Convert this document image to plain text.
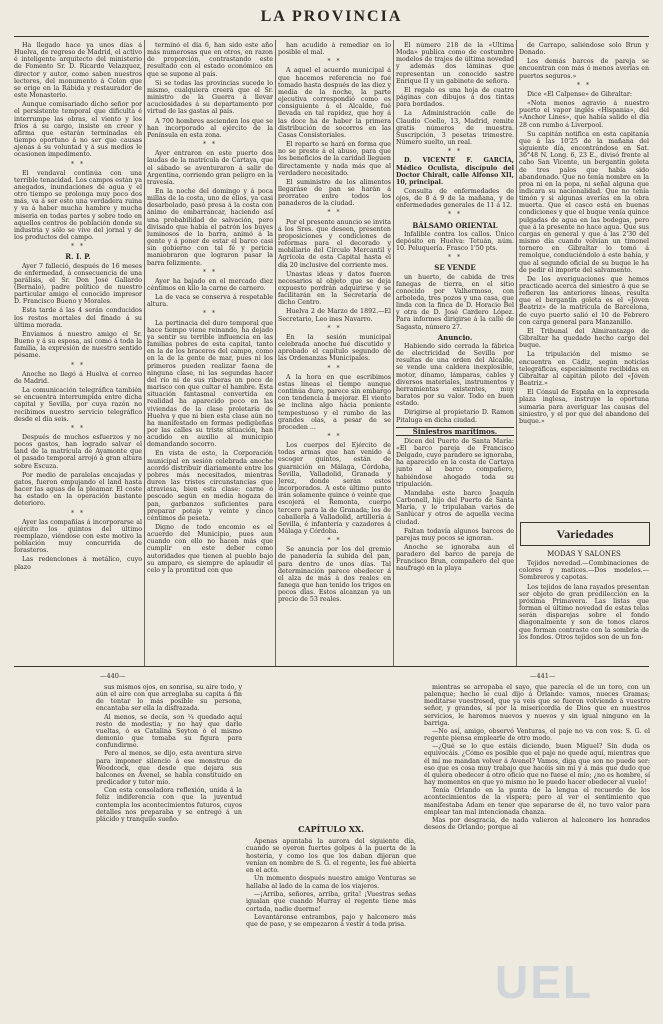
LA PROVINCIA

Ha llegado hace ya unos días á Huelva, de regreso de Madrid, el activo é inteligente arquitecto del ministerio de Fomento Sr. D. Ricardo Velazquez, director y autor, como saben nuestros lectores, del monumento á Colon que se erige en la Rábida y restaurador de este Monasterio.

Aunque comisariado dicho señor por el persistente temporal que dificulta é interrumpe las obras, el viento y los frios á su cargo, insiste en creer y afirma que estarán terminadas en tiempo oportuno á no ser que causas ajenas á su voluntad y á sus medios le ocasionen impedimento.

* *

El vendaval continúa con una terrible tenacidad. Los campos están ya anegados, inundaciones de agua y el otro tiempo se prolonga muy poco dos más, va á ser esto una verdadera ruina y va á haber mucha hambre y mucha miseria en todas partes y sobre todo en aquellos centros de población donde su industria y sólo se vive del jornal y de los productos del campo.

* *
R. I. P.

Ayer 7 falleció, después de 16 meses de enfermedad, á consecuencia de una parálisis, el Sr. Don José Gallardo (Bernalo), padre político de nuestro particular amigo el conocido impresor D. Francisco Bueno y Morales.

Esta tarde á las 4 serán conducidos los restos mortales del finado á su última morada.

Enviamos á nuestro amigo el Sr. Bueno y á su esposa, así como á toda la familia, la expresión de nuestro sentido pésame.

* *

Anoche no llegó á Huelva el correo de Madrid.

La comunicación telegráfica también se encuentra interrumpida entre dicha capital y Sevilla, por cuya razón no recibimos nuestro servicio telegráfico desde el día seis.

* *

Después de muchos esfuerzos y no pocos gastos, han logrado salvar el land de la matrícula de Ayamonte que el pasado temporal arrojó á gran altura sobre Escuza.

Por medio de paralelas encajadas y gatos, fueron empujando el land hasta hacer las aguas de la pleamar. El coste ha estado en la operación bastante deterioro.

* *

Ayer las compañías á incorporarse al ejército los quintos del último reemplazo, viéndose con este motivo la población muy concurrida de forasteros.

Las redenciones á metálico, cuyo plazo

terminó el día 6, han sido este año más numerosas que en otros, en razon de proporción, contrastando este resultado con el estado económico en que se supone al país.

Si se todas las provincias sucede lo mismo, cualquiera creerá que el Sr. ministro de la Guerra á llevar acuciosidades á su departamento por virtud de las gastas al país.

A 700 hombres ascienden los que se han incorporado al ejército de la Península en esta zona.

* *

Ayer entraron en este puerto dos laudas de la matrícula de Cartaya, que el sábado se aventuraron á salir de Argentina, corriendo gran peligro en la travesía.

En la noche del domingo y á poca millas de la costa, uno de ellos, ya casi desarbolado, pasó presa á la costa con ánimo de embarrancar, haciendo así una probabilidad de salvación, pero divisado que había el patrón los buyes luminosos de la barra, animó á la gente y á poner de estar el barco casi sin gobierno con tal fé y pericia maniobraron que lograron pasar la barra felizmente.

* *

Ayer ha bajado en el mercado diez céntimos en kilo la carne de carnero.

La de vaca se conserva á respetable altura.

* *

La pertinacia del duro temporal que hace tiempo viene reinando, ha dejado ya sentir su terrible influencia en las familias pobres de esta capital, tanto en la de los braceros del campo, como en la de la gente de mar, pues ni los primeros pueden realizar faena de ninguna clase, ni las segundas hacer del río ni de sus riberas un poco de marisco con que cultar el hambre. Esta situación fantasmal convertida en realidad ha aparecido poco en las viviendas de la clase proletaria de Huelva y que ni bien esta clase aún no ha manifestado en formas pedigüeñas por las calles su triste situación, han acudido en auxilio al municipio demandando socorro.

En vista de esto, la Corporación municipal en sesión celebrada anoche acordó distribuir diariamente entre los pobres más necesitados, mientras duren las tristes circunstancias que atraviesa, bien esta clase: carne ó pescado según en media hogaza de pan, garbanzos suficientes para preparar potaje y veinte y cinco céntimos de peseta.

Digno de todo encomio es el acuerdo del Municipio, pues aun cuando con ello no hacen más que cumplir en este deber como autoridades que tienen al pueblo bajo su amparo, es siempre de aplaudir el celo y la prontitud con que

han acudido á remediar en lo posible el mal.

* *

A aquel el acuerdo municipal á que hacemos referencia no fué tomado hasta después de las diez y media de la noche, la parte ejecutiva correspondió como es consiguiente á el Alcalde, fué llevada en tal rapidez, que hoy á las doce ha de haber la primera distribución de socorros en las Casas Consistoriales.

El reparto se hará en forma que no se preste á el abuso, para que los beneficios de la caridad lleguen directamente y nada más que al verdadero necesitado.

El suministro de los alimentos llegaráse de pan se harán á prorrateo entre todos los panaderos de la ciudad.

* *

Por el presente anuncio se invita á los Sres. que deseen, presenten proposiciones y condiciones de reformas para el decorado y mobiliario del Círculo Mercantil y Agrícola de esta Capital hasta el día 20 inclusive del corriente mes.

Unastas ideas y datos fueron necesarios al objeto que se deja expuesto pordrán adquirirse y se facilitarán en la Secretaría de dicho Centro.

Huelva 2 de Marzo de 1892.—El Secretario, Leo ines Navarro.

* *

En la sesión municipal celebrada anoche fué discutido y aprobado el capítulo segundo de las Ordenanzas Municipales.

* *

A la hora en que escribimos estas líneas el tiempo aunque continúa duro, parece sin embargo con tendencia á mejorar. El viento se inclina algo hácia poniente tempestuoso y el rumbo de las grandes olas, a pesar de se proceden ...

* *

Los cuerpos del Ejército de todas armas que han venido á escoger quintos, están de guarnición en Málaga, Córdoba, Sevilla, Valladolid, Granada y Jerez, donde serán estos incorporados. A este último punto irán solamente quince ó veinte que escojerá el Remonta, cuerpo tercero para la de Granada; los de caballería á Valladolid, artillería á Sevilla, é infantería y cazadores á Málaga y Córdoba.

* *

Se anuncia por los del gremio de panadería la subida del pan, para dentro de unos días. Tal determinación parece obedecer á el alza de más á dos reales en fanega que han tenido los trigos en pocos días. Estos alcanzan ya un precio de 53 reales.

El número 218 de la «Última Moda» publica como de costumbre modelos de trajes de última novedad y además dos láminas que representan un conocido sastre Enrique II y un gabinete de señora.

El regalo es una hoja de cuatro páginas con dibujos á dos tintas para bordados.

La Administración calle de Claudio Coello, 13, Madrid, remite gratis números de muestra. Suscripción, 3 pesetas trimestre. Número suelto, un real.

* *

D. VICENTE F. GARCÍA, Médico Oculista, discípulo del Doctor Chiralt, calle Alfonso XII, 10, principal.

Consulta de enfermedades de ojos, de 8 á 9 de la mañana, y de enfermedades generales de 11 á 12.

* *
BÁLSAMO ORIENTAL

Infalible contra los callos. Único depósito en Huelva: Tetuán, núm. 10. Peluquería. Frasco 1'50 pts.

* *
SE VENDE

un huerto, de cabida de tres fanegas de tierra, en el sitio conocido por Valhermoso, con arboleda, tres pozos y una casa, que linda con la finca de D. Horacio Bel y otra de D. José Cardero López. Para informes dirigirse á la calle de Sagasta, número 27.

Anuncio.

Habiendo sido cerrada la fábrica de electricidad de Sevilla por resultas de una orden del Alcalde, se vende una caldera inexplosible, motor, dínamo, lámparas, cables y diversos materiales, instrumentos y herramientas existentes, muy baratos por su valor. Todo en buen estado.

Dirigirse al propietario D. Ramon Pitaluga en dicha ciudad.

Siniestros marítimos.

Dicen del Puerto de Santa María: «El barco pareja de Francisco Delgado, cuyo paradero se ignoraba, ha aparecido en la costa de Cartaya junto al barco compañero, habiéndose ahogado toda su tripulación.

Mandaba este barco Joaquín Carbonell, hijo del Puerto de Santa María, y le tripulaban varios de Sanlúcar y otros de aquella vecina ciudad.

Faltan todavía algunos barcos de parejas muy pocos se ignoran.

Anoche se ignoraba aun el paradero del barco de pareja de Francisco Brun, compañero del que naufragó en la playa

de Carrapo, saliéndose solo Brun y Donado.

Los demás barcos de pareja se encuentran con más ó menos averías en puertos seguros.»

* *

Dice «El Calpense» de Gibraltar:

«Nota menos agravio á nuestro puerto el vapor inglés «Hispania», del «Anchor Lines», que había salido el día 28 con rumbo á Liverpool.

Su capitán notifica en esta capitanía que á las 10'25 de la mañana del siguiente día, encontrándose en Sat. 36°48 N. Long. 6, 23 E., divisó frente al cabo San Vicente, un bergantín goleta de tres palos que había sido abandonado. Que no tenía nombre en la proa ni en la popa, ni señal alguna que indicara su nacionalidad. Que no tenía timón y si algunas averías en la obra muerta. Que el casco está en buenas condiciones y que el buque venía quince pulgadas de agua en las bodegas, pero que á la presente no hace agua. Que sus cargas en general y que á las 2'30 del mismo día cuando volvían un timonel tornero en Gibraltar lo tomó á remolque, conduciéndolo á este bahía, y que al segundo oficial de su buque le ha de pedir el importe del salvamento.

De los averiguaciones que hemos practicado acerca del siniestro á que se refieren las anteriores líneas, resulta que el bergantín goleta es el «Jóven Beatriz» de la matrícula de Barcelona, de cuyo puerto salió el 10 de Febrero con carga general para Manzanillo.

El Tribunal del Almirantazgo de Gibraltar ha quedado hecho cargo del buque.

La tripulación del mismo se encuentra en Cádiz, según noticias telegráficas, especialmente recibidas en Gibraltar al capitán piloto del «Jóven Beatriz.»

El Cónsul de España en la expresada plaza inglesa, instruye la oportuna sumaria para averiguar las causas del siniestro, y el por qué del abandono del buque.»

Variedades
MODAS Y SALONES

Tejidos novedad.—Combinaciones de colores y matices.—Dos modelos.—Sombreros y capotas.

Los tejidos de lana rayados presentan ser objeto de gran predilección en la próxima Primavera. Las listas que forman el último novedad de estas telas serán disparejas sobre el fondo diagonalmente y son de tonos claros que forman contraste con la sombría de los fondos. Otros tejidos son de un fon-

—440—	—441—

sus mismos ojos, en sonrisa, su aire todo, y aún el aire con que arreglaba su capita á fin de tentar lo más posible su persona, encantaba ser ella la disfrazada.

Al menos, se decía, son ¼ quedado aquí resto de modestia; y no hay que darle vueltas, ó es Catalina Seyton ó el mismo demonio que tomaba su figura para confundirme.

Pero al menos, se dijo, esta aventura sirve para imponer silencio á ese monstruo de Woodcock, que desde que dejara sus balcones en Avenel, se había constituido en predicador y tutor mío.

Con esta consoladora reflexión, unida á la feliz indiferencia con que la juventud contempla los acontecimientos futuros, cuyos detalles nos preparaba y se entregó á un plácido y tranquilo sueño.

CAPÍTULO XX.

Apenas apuntaba la aurora del siguiente día, cuando se oyeron fuertes golpes á la puerta de la hostería, y como los que los daban dijeran que venían en nombre de S. G. el regente, les fué abierta en el acto.

Un momento después nuestro amigo Venturas se hallaba al lado de la cama de los viajeros.

—¡Arriba, señores, arriba, grita! ¡Vuestras señas igualan que cuando Murray el regente tiene más cortada, nadie duerme!

Levantáronse entrambos, pajo y halconero más que de paso, y se empezaron á vestir á toda prisa.

mientras se arropaba el sayo, que parecía el de un toro, con un palenque; hecho le cual dijo á Orlando: vamos, nueces Gramas; meditarse vuestrosed, que ya veis que se fueron volviendo á vuestro señor, y grandes, sí por la misericordia de Dios que en nuestros servicios, le haremos nuevos y nuevos y sin igual ninguno en la barriga.

—No así, amigo, observó Venturas, el paje no va con vos: S. G. el regente piensa emplearle de otro modo.

—¿Qué se lo que estáis diciendo, buen Miguel? Sin duda os equivocáis. ¿Cómo es posible que el paje no quede aquí, mientras que él mí me mandan volver á Avenel? Vamos, diga que son no puede ser: eso que es cosa muy trabajo que hacéis sin mí y á más que dudo que él quiera obedecer á otro oficio que no fuese el mío; ¿no es hombre, sí hay momentos en que yo mismo no le puedo hacer obedecer al vuelo!

Tenía Orlando en la punta de la lengua el recuerdo de los acontecimientos de la víspera; pero al ver el sentimiento que manifestaba Adam en tener que separarse de él, no tuvo valor para emplear tan mal intencionada chanza.

Mas por desgracia, de nada valieron al halconero los honrados deseos de Orlando; porque al

UEL
